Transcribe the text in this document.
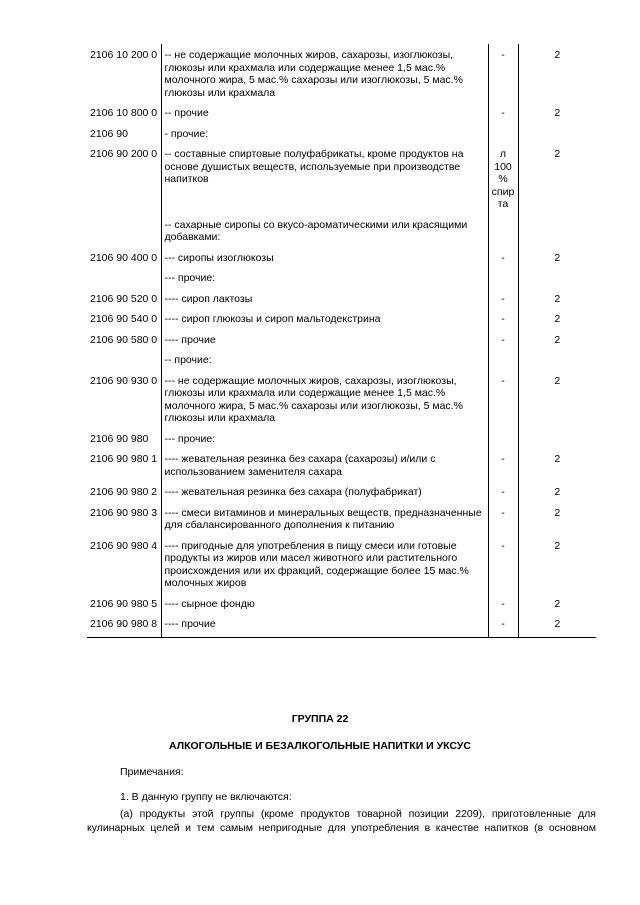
2106 10 200 0	-- не содержащие молочных жиров, сахарозы, изоглюкозы, глюкозы или крахмала или содержащие менее 1,5 мас.% молочного жира, 5 мас.% сахарозы или изоглюкозы, 5 мас.% глюкозы или крахмала	-	2
2106 10 800 0	-- прочие	-	2
2106 90	- прочие:		
2106 90 200 0	-- составные спиртовые полуфабрикаты, кроме продуктов на основе душистых веществ, используемые при производстве напитков	л 100 % спир та	2
	-- сахарные сиропы со вкусо-ароматическими или красящими добавками:		
2106 90 400 0	--- сиропы изоглюкозы	-	2
	--- прочие:		
2106 90 520 0	---- сироп лактозы	-	2
2106 90 540 0	---- сироп глюкозы и сироп мальтодекстрина	-	2
2106 90 580 0	---- прочие	-	2
	-- прочие:		
2106 90 930 0	--- не содержащие молочных жиров, сахарозы, изоглюкозы, глюкозы или крахмала или содержащие менее 1,5 мас.% молочного жира, 5 мас.% сахарозы или изоглюкозы, 5 мас.% глюкозы или крахмала	-	2
2106 90 980	--- прочие:		
2106 90 980 1	---- жевательная резинка без сахара (сахарозы) и/или с использованием заменителя сахара	-	2
2106 90 980 2	---- жевательная резинка без сахара (полуфабрикат)	-	2
2106 90 980 3	---- смеси витаминов и минеральных веществ, предназначенные для сбалансированного дополнения к питанию	-	2
2106 90 980 4	---- пригодные для употребления в пищу смеси или готовые продукты из жиров или масел животного или растительного происхождения или их фракций, содержащие более 15 мас.% молочных жиров	-	2
2106 90 980 5	---- сырное фондю	-	2
2106 90 980 8	---- прочие	-	2
ГРУППА 22
АЛКОГОЛЬНЫЕ И БЕЗАЛКОГОЛЬНЫЕ НАПИТКИ И УКСУС
Примечания:
1. В данную группу не включаются:
(а) продукты этой группы (кроме продуктов товарной позиции 2209), приготовленные для
кулинарных целей и тем самым непригодные для употребления в качестве напитков (в основном
